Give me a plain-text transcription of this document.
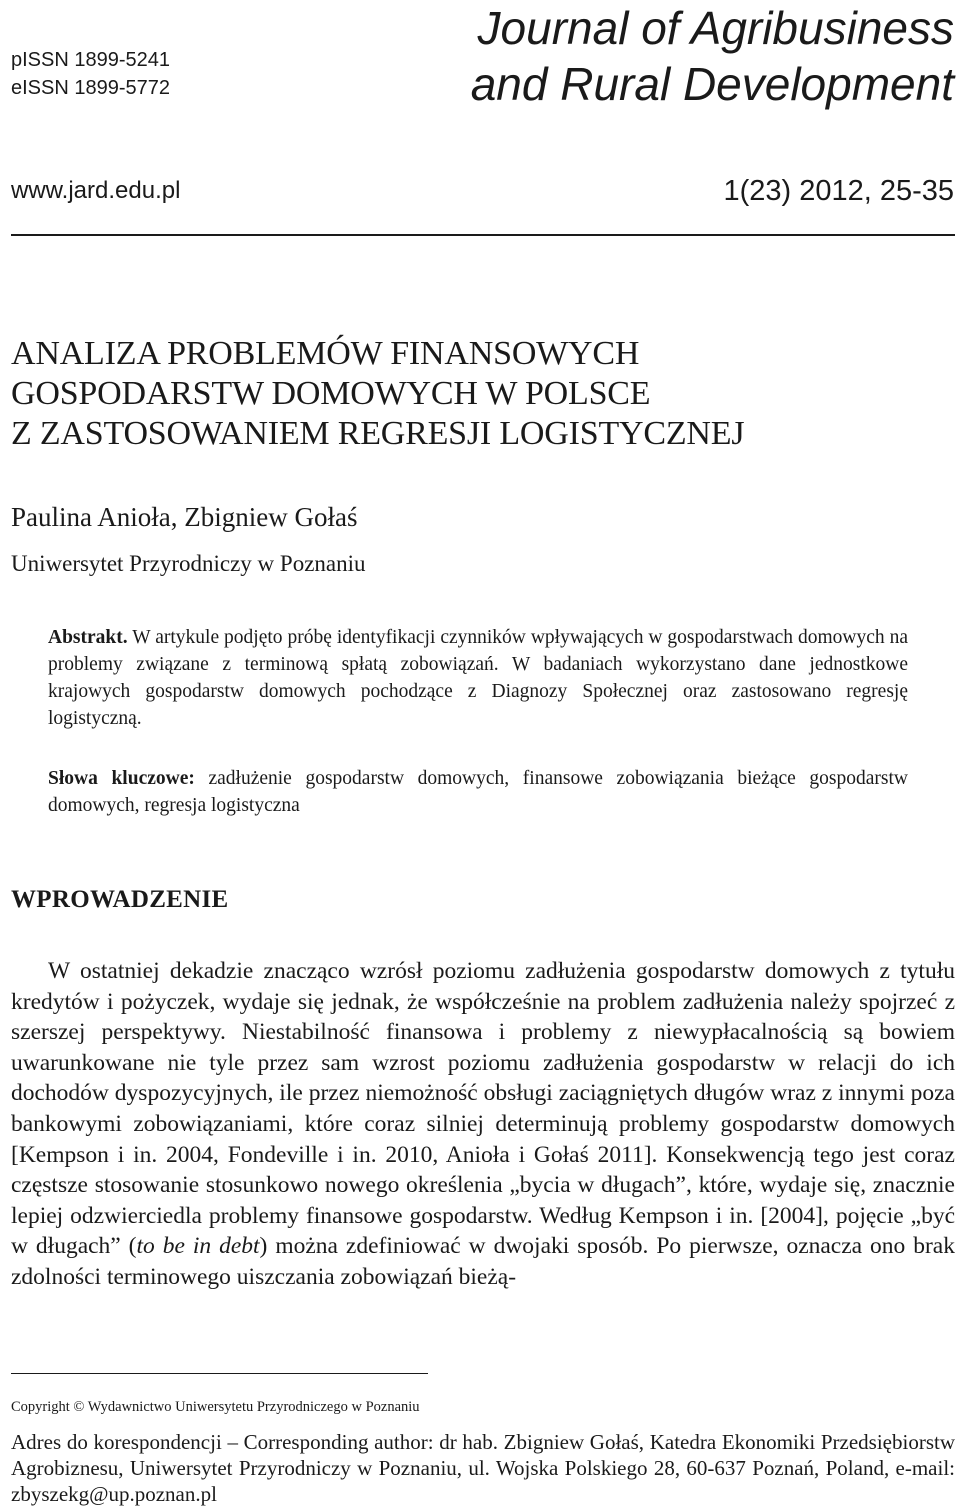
pISSN 1899-5241
eISSN 1899-5772
Journal of Agribusiness
and Rural Development
www.jard.edu.pl	1(23) 2012, 25-35
ANALIZA PROBLEMÓW FINANSOWYCH
GOSPODARSTW DOMOWYCH W POLSCE
Z ZASTOSOWANIEM REGRESJI LOGISTYCZNEJ
Paulina Anioła, Zbigniew Gołaś
Uniwersytet Przyrodniczy w Poznaniu

Abstrakt. W artykule podjęto próbę identyfikacji czynników wpływających w gospodarstwach domowych na problemy związane z terminową spłatą zobowiązań. W badaniach wykorzystano dane jednostkowe krajowych gospodarstw domowych pochodzące z Diagnozy Społecznej oraz zastosowano regresję logistyczną.

Słowa kluczowe: zadłużenie gospodarstw domowych, finansowe zobowiązania bieżące gospodarstw domowych, regresja logistyczna

WPROWADZENIE

W ostatniej dekadzie znacząco wzrósł poziomu zadłużenia gospodarstw domowych z tytułu kredytów i pożyczek, wydaje się jednak, że współcześnie na problem zadłużenia należy spojrzeć z szerszej perspektywy. Niestabilność finansowa i problemy z niewypłacalnością są bowiem uwarunkowane nie tyle przez sam wzrost poziomu zadłużenia gospodarstw w relacji do ich dochodów dyspozycyjnych, ile przez niemożność obsługi zaciągniętych długów wraz z innymi poza bankowymi zobowiązaniami, które coraz silniej determinują problemy gospodarstw domowych [Kempson i in. 2004, Fondeville i in. 2010, Anioła i Gołaś 2011]. Konsekwencją tego jest coraz częstsze stosowanie stosunkowo nowego określenia „bycia w długach”, które, wydaje się, znacznie lepiej odzwierciedla problemy finansowe gospodarstw. Według Kempson i in. [2004], pojęcie „być w długach” (to be in debt) można zdefiniować w dwojaki sposób. Po pierwsze, oznacza ono brak zdolności terminowego uiszczania zobowiązań bieżą-

Copyright © Wydawnictwo Uniwersytetu Przyrodniczego w Poznaniu

Adres do korespondencji – Corresponding author: dr hab. Zbigniew Gołaś, Katedra Ekonomiki Przedsiębiorstw Agrobiznesu, Uniwersytet Przyrodniczy w Poznaniu, ul. Wojska Polskiego 28, 60-637 Poznań, Poland, e-mail: zbyszekg@up.poznan.pl
